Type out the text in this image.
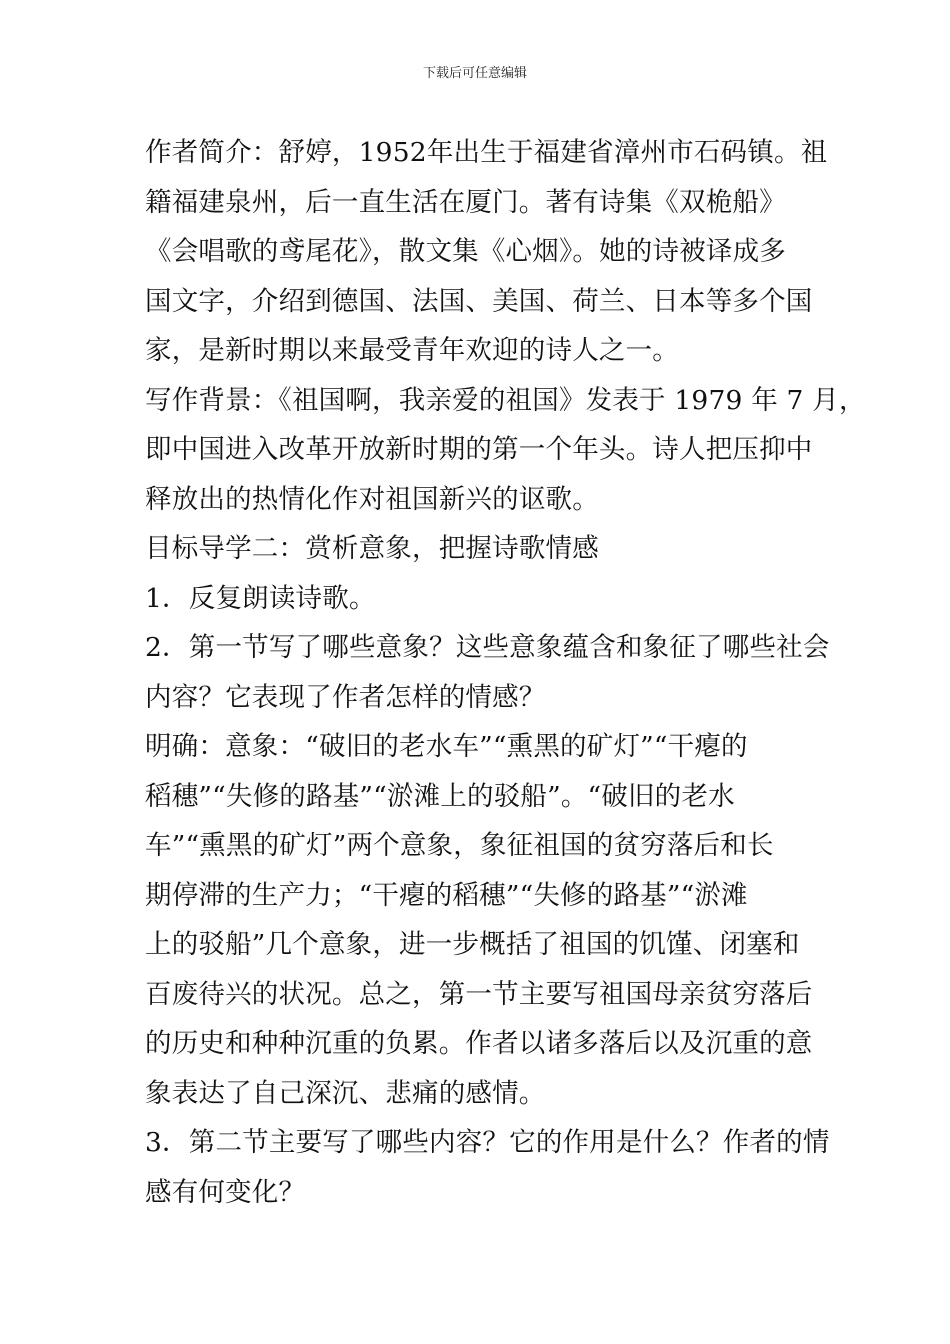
下载后可任意编辑
作者简介：舒婷，1952年出生于福建省漳州市石码镇。祖
籍福建泉州，后一直生活在厦门。著有诗集《双桅船》
《会唱歌的鸢尾花》，散文集《心烟》。她的诗被译成多
国文字，介绍到德国、法国、美国、荷兰、日本等多个国
家，是新时期以来最受青年欢迎的诗人之一。
写作背景：《祖国啊，我亲爱的祖国》发表于 1979 年 7 月，
即中国进入改革开放新时期的第一个年头。诗人把压抑中
释放出的热情化作对祖国新兴的讴歌。
目标导学二：赏析意象，把握诗歌情感
1．反复朗读诗歌。
2．第一节写了哪些意象？这些意象蕴含和象征了哪些社会
内容？它表现了作者怎样的情感？
明确：意象：“破旧的老水车”“熏黑的矿灯”“干瘪的
稻穗”“失修的路基”“淤滩上的驳船”。“破旧的老水
车”“熏黑的矿灯”两个意象，象征祖国的贫穷落后和长
期停滞的生产力；“干瘪的稻穗”“失修的路基”“淤滩
上的驳船”几个意象，进一步概括了祖国的饥馑、闭塞和
百废待兴的状况。总之，第一节主要写祖国母亲贫穷落后
的历史和种种沉重的负累。作者以诸多落后以及沉重的意
象表达了自己深沉、悲痛的感情。
3．第二节主要写了哪些内容？它的作用是什么？作者的情
感有何变化？
